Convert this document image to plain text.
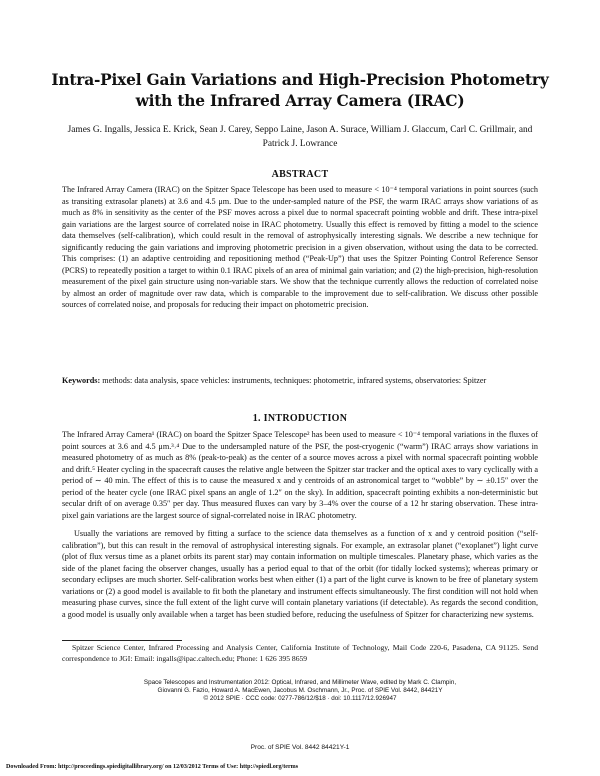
Intra-Pixel Gain Variations and High-Precision Photometry
with the Infrared Array Camera (IRAC)
James G. Ingalls, Jessica E. Krick, Sean J. Carey, Seppo Laine, Jason A. Surace, William J. Glaccum, Carl C. Grillmair, and Patrick J. Lowrance
ABSTRACT
The Infrared Array Camera (IRAC) on the Spitzer Space Telescope has been used to measure < 10⁻⁴ temporal variations in point sources (such as transiting extrasolar planets) at 3.6 and 4.5 μm. Due to the under-sampled nature of the PSF, the warm IRAC arrays show variations of as much as 8% in sensitivity as the center of the PSF moves across a pixel due to normal spacecraft pointing wobble and drift. These intra-pixel gain variations are the largest source of correlated noise in IRAC photometry. Usually this effect is removed by fitting a model to the science data themselves (self-calibration), which could result in the removal of astrophysically interesting signals. We describe a new technique for significantly reducing the gain variations and improving photometric precision in a given observation, without using the data to be corrected. This comprises: (1) an adaptive centroiding and repositioning method (“Peak-Up”) that uses the Spitzer Pointing Control Reference Sensor (PCRS) to repeatedly position a target to within 0.1 IRAC pixels of an area of minimal gain variation; and (2) the high-precision, high-resolution measurement of the pixel gain structure using non-variable stars. We show that the technique currently allows the reduction of correlated noise by almost an order of magnitude over raw data, which is comparable to the improvement due to self-calibration. We discuss other possible sources of correlated noise, and proposals for reducing their impact on photometric precision.
Keywords: methods: data analysis, space vehicles: instruments, techniques: photometric, infrared systems, observatories: Spitzer
1. INTRODUCTION

The Infrared Array Camera¹ (IRAC) on board the Spitzer Space Telescope² has been used to measure < 10⁻⁴ temporal variations in the fluxes of point sources at 3.6 and 4.5 μm.³˒⁴ Due to the undersampled nature of the PSF, the post-cryogenic (“warm”) IRAC arrays show variations in measured photometry of as much as 8% (peak-to-peak) as the center of a source moves across a pixel with normal spacecraft pointing wobble and drift.⁵ Heater cycling in the spacecraft causes the relative angle between the Spitzer star tracker and the optical axes to vary cyclically with a period of ∼ 40 min. The effect of this is to cause the measured x and y centroids of an astronomical target to “wobble” by ∼ ±0.15″ over the period of the heater cycle (one IRAC pixel spans an angle of 1.2″ on the sky). In addition, spacecraft pointing exhibits a non-deterministic but secular drift of on average 0.35″ per day. Thus measured fluxes can vary by 3–4% over the course of a 12 hr staring observation. These intra-pixel gain variations are the largest source of signal-correlated noise in IRAC photometry.

Usually the variations are removed by fitting a surface to the science data themselves as a function of x and y centroid position (“self-calibration”), but this can result in the removal of astrophysical interesting signals. For example, an extrasolar planet (“exoplanet”) light curve (plot of flux versus time as a planet orbits its parent star) may contain information on multiple timescales. Planetary phase, which varies as the side of the planet facing the observer changes, usually has a period equal to that of the orbit (for tidally locked systems); whereas primary or secondary eclipses are much shorter. Self-calibration works best when either (1) a part of the light curve is known to be free of planetary system variations or (2) a good model is available to fit both the planetary and instrument effects simultaneously. The first condition will not hold when measuring phase curves, since the full extent of the light curve will contain planetary variations (if detectable). As regards the second condition, a good model is usually only available when a target has been studied before, reducing the usefulness of Spitzer for characterizing new systems.

Spitzer Science Center, Infrared Processing and Analysis Center, California Institute of Technology, Mail Code 220-6, Pasadena, CA 91125. Send correspondence to JGI: Email: ingalls@ipac.caltech.edu; Phone: 1 626 395 8659
Space Telescopes and Instrumentation 2012: Optical, Infrared, and Millimeter Wave, edited by Mark C. Clampin,
Giovanni G. Fazio, Howard A. MacEwen, Jacobus M. Oschmann, Jr., Proc. of SPIE Vol. 8442, 84421Y
© 2012 SPIE · CCC code: 0277-786/12/$18 · doi: 10.1117/12.926947
Proc. of SPIE Vol. 8442 84421Y-1
Downloaded From: http://proceedings.spiedigitallibrary.org/ on 12/03/2012 Terms of Use: http://spiedl.org/terms
